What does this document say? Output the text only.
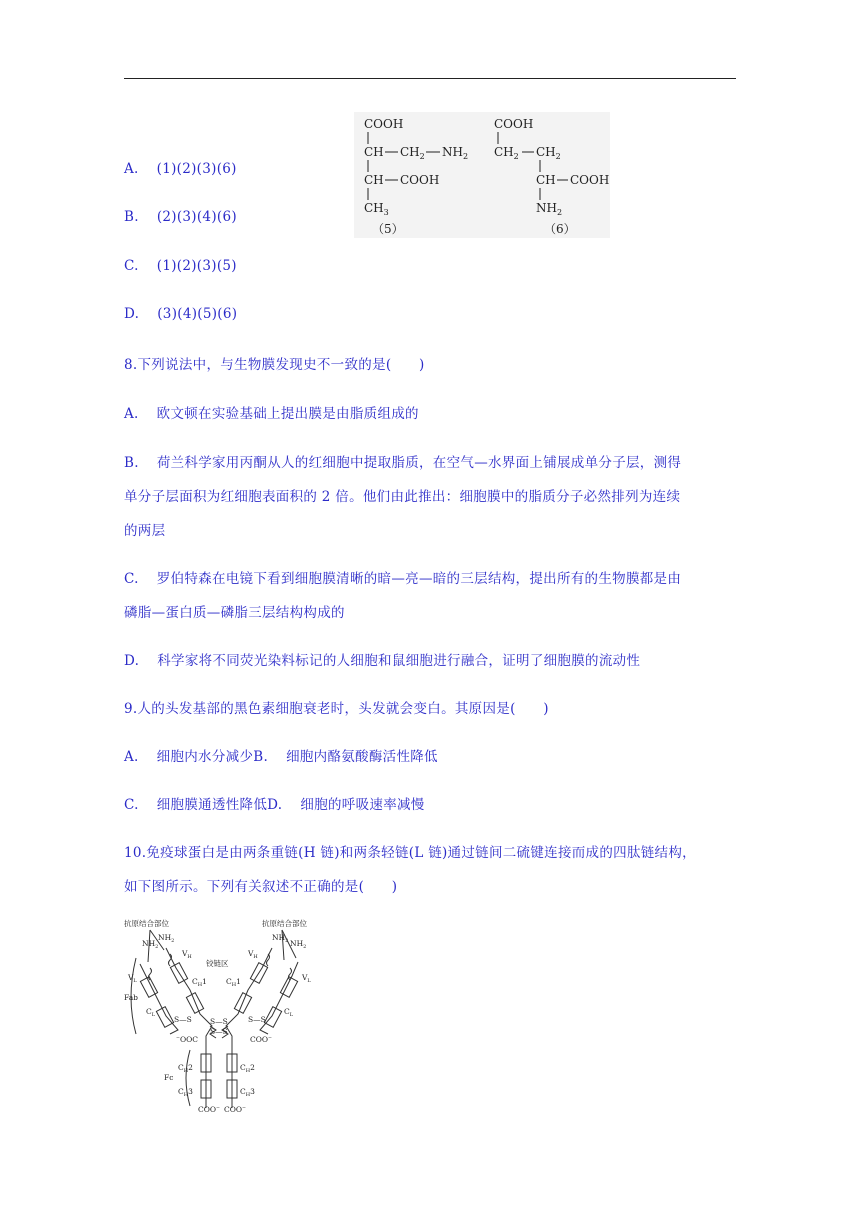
A. (1)(2)(3)(6)
B. (2)(3)(4)(6)
C. (1)(2)(3)(5)
D. (3)(4)(5)(6)
COOH
CH $CH_2$ $NH_2$
CH COOH
$CH_3$
（5）
COOH
$CH_2$ $CH_2$
CH COOH
$NH_2$
（6）
8.下列说法中，与生物膜发现史不一致的是(　　)
A. 欧文顿在实验基础上提出膜是由脂质组成的
B. 荷兰科学家用丙酮从人的红细胞中提取脂质，在空气—水界面上铺展成单分子层，测得
单分子层面积为红细胞表面积的 2 倍。他们由此推出：细胞膜中的脂质分子必然排列为连续
的两层
C. 罗伯特森在电镜下看到细胞膜清晰的暗—亮—暗的三层结构，提出所有的生物膜都是由
磷脂—蛋白质—磷脂三层结构构成的
D. 科学家将不同荧光染料标记的人细胞和鼠细胞进行融合，证明了细胞膜的流动性
9.人的头发基部的黑色素细胞衰老时，头发就会变白。其原因是(　　)
A. 细胞内水分减少B. 细胞内酪氨酸酶活性降低
C. 细胞膜通透性降低D. 细胞的呼吸速率减慢
10.免疫球蛋白是由两条重链(H 链)和两条轻链(L 链)通过链间二硫键连接而成的四肽链结构，
如下图所示。下列有关叙述不正确的是(　　)
抗原结合部位	抗原结合部位
铰链区
Fab
Fc
$NH_2$
$NH_2$	$NH_2$ $NH_2$
$V_H$	$V_H$
$V_L$	$V_L$
$C_H1$	$C_H1$
$C_L$	$C_L$
$C_H2$	$C_H2$
$C_H3$	$C_H3$
S—S S—S
S—S
S—S
⁻OOC	COO⁻
COO⁻ COO⁻
